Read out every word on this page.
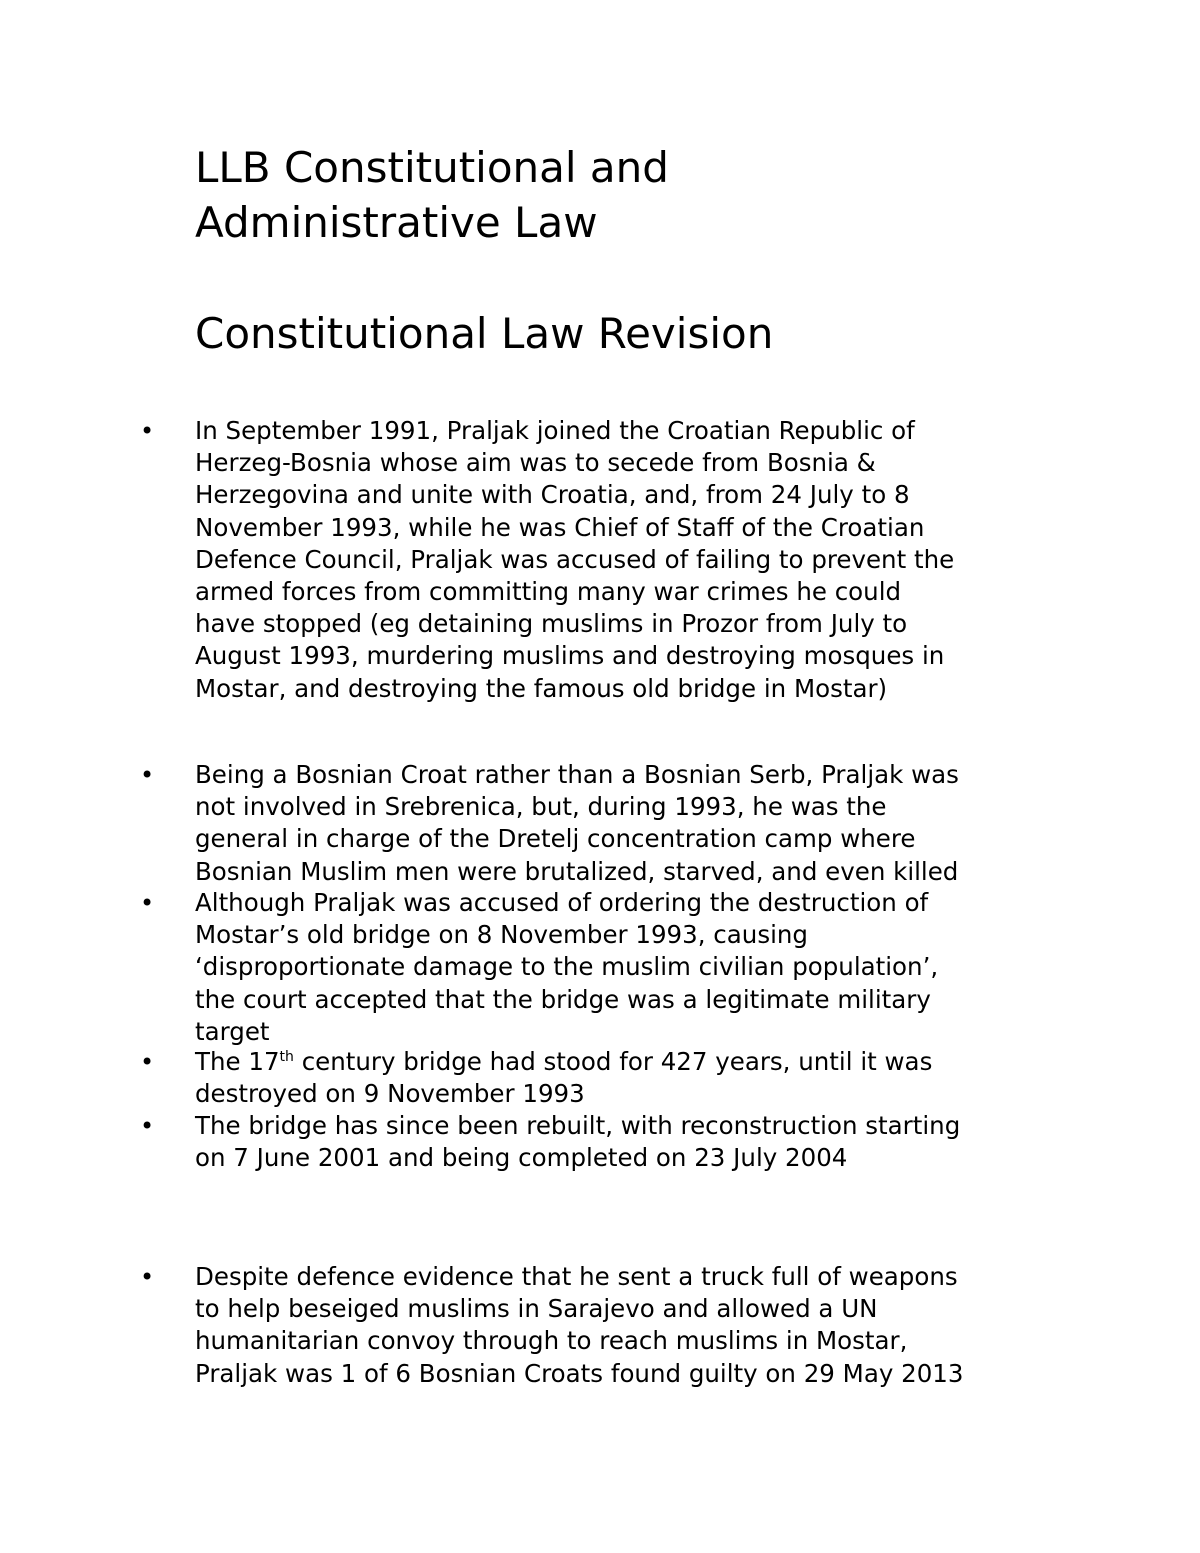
LLB Constitutional and
Administrative Law
Constitutional Law Revision
• In September 1991, Praljak joined the Croatian Republic of
Herzeg-Bosnia whose aim was to secede from Bosnia &
Herzegovina and unite with Croatia, and, from 24 July to 8
November 1993, while he was Chief of Staff of the Croatian
Defence Council, Praljak was accused of failing to prevent the
armed forces from committing many war crimes he could
have stopped (eg detaining muslims in Prozor from July to
August 1993, murdering muslims and destroying mosques in
Mostar, and destroying the famous old bridge in Mostar)
• Being a Bosnian Croat rather than a Bosnian Serb, Praljak was
not involved in Srebrenica, but, during 1993, he was the
general in charge of the Dretelj concentration camp where
Bosnian Muslim men were brutalized, starved, and even killed
• Although Praljak was accused of ordering the destruction of
Mostar’s old bridge on 8 November 1993, causing
‘disproportionate damage to the muslim civilian population’,
the court accepted that the bridge was a legitimate military
target
• The 17th century bridge had stood for 427 years, until it was
destroyed on 9 November 1993
• The bridge has since been rebuilt, with reconstruction starting
on 7 June 2001 and being completed on 23 July 2004
• Despite defence evidence that he sent a truck full of weapons
to help beseiged muslims in Sarajevo and allowed a UN
humanitarian convoy through to reach muslims in Mostar,
Praljak was 1 of 6 Bosnian Croats found guilty on 29 May 2013
